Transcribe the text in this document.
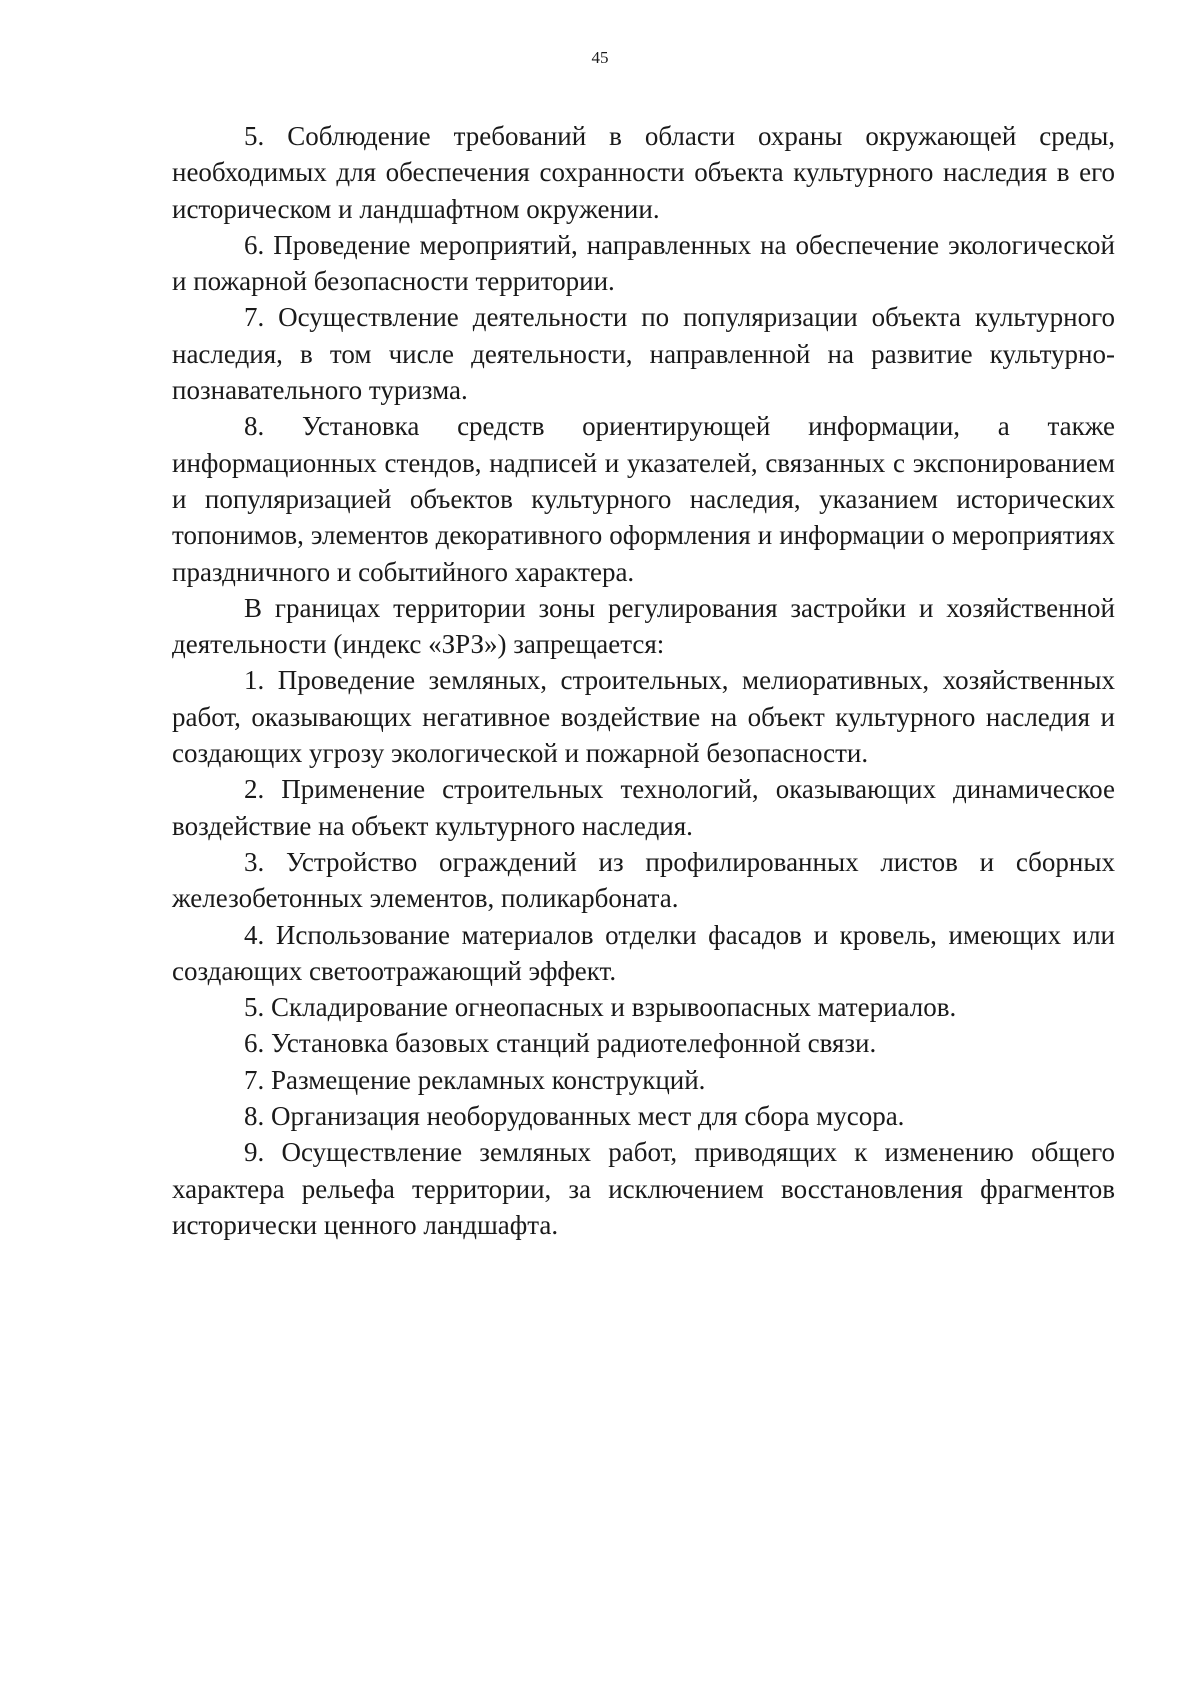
45

5. Соблюдение требований в области охраны окружающей среды, необходимых для обеспечения сохранности объекта культурного наследия в его историческом и ландшафтном окружении.

6. Проведение мероприятий, направленных на обеспечение экологической и пожарной безопасности территории.

7. Осуществление деятельности по популяризации объекта культурного наследия, в том числе деятельности, направленной на развитие культурно-познавательного туризма.

8. Установка средств ориентирующей информации, а также информационных стендов, надписей и указателей, связанных с экспонированием и популяризацией объектов культурного наследия, указанием исторических топонимов, элементов декоративного оформления и информации о мероприятиях праздничного и событийного характера.

В границах территории зоны регулирования застройки и хозяйственной деятельности (индекс «ЗРЗ») запрещается:

1. Проведение земляных, строительных, мелиоративных, хозяйственных работ, оказывающих негативное воздействие на объект культурного наследия и создающих угрозу экологической и пожарной безопасности.

2. Применение строительных технологий, оказывающих динамическое воздействие на объект культурного наследия.

3. Устройство ограждений из профилированных листов и сборных железобетонных элементов, поликарбоната.

4. Использование материалов отделки фасадов и кровель, имеющих или создающих светоотражающий эффект.

5. Складирование огнеопасных и взрывоопасных материалов.

6. Установка базовых станций радиотелефонной связи.

7. Размещение рекламных конструкций.

8. Организация необорудованных мест для сбора мусора.

9. Осуществление земляных работ, приводящих к изменению общего характера рельефа территории, за исключением восстановления фрагментов исторически ценного ландшафта.
